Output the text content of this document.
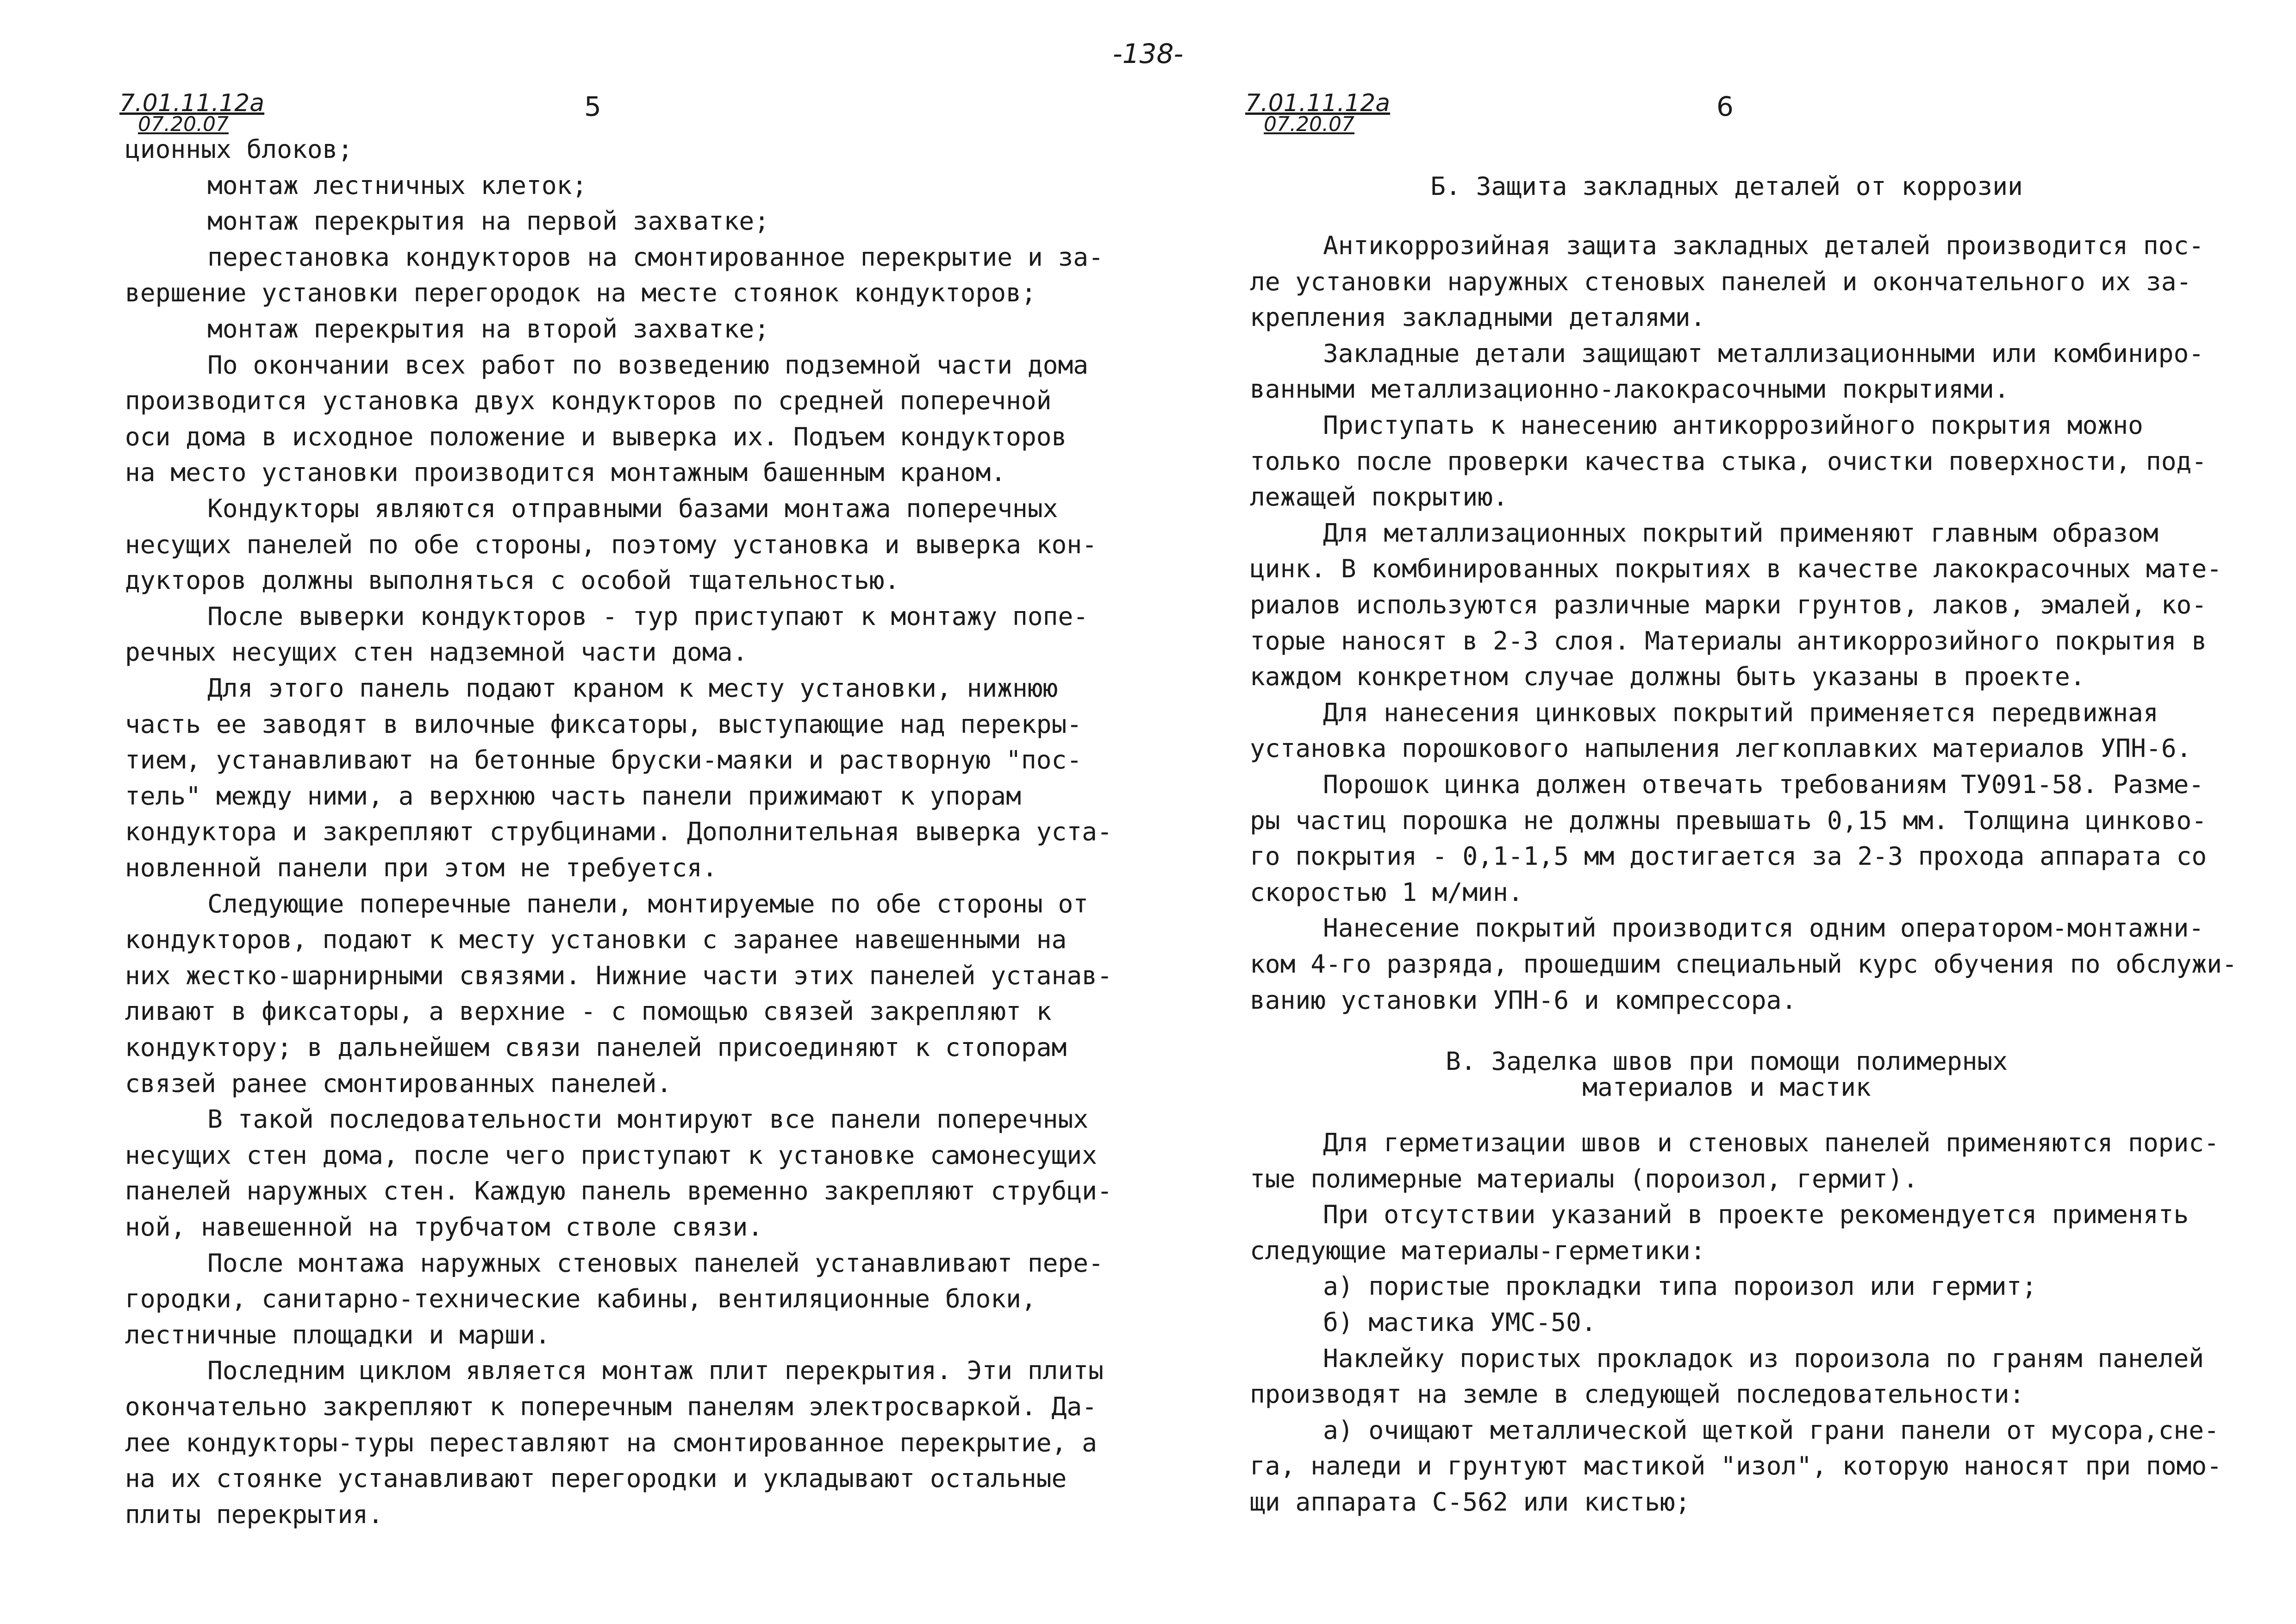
-138-
7.01.11.12а
07.20.07
5	7.01.11.12а
07.20.07
6
ционных блоков;
монтаж лестничных клеток;
монтаж перекрытия на первой захватке;
перестановка кондукторов на смонтированное перекрытие и за-
вершение установки перегородок на месте стоянок кондукторов;
монтаж перекрытия на второй захватке;
По окончании всех работ по возведению подземной части дома
производится установка двух кондукторов по средней поперечной
оси дома в исходное положение и выверка их. Подъем кондукторов
на место установки производится монтажным башенным краном.
Кондукторы являются отправными базами монтажа поперечных
несущих панелей по обе стороны, поэтому установка и выверка кон-
дукторов должны выполняться с особой тщательностью.
После выверки кондукторов - тур приступают к монтажу попе-
речных несущих стен надземной части дома.
Для этого панель подают краном к месту установки, нижнюю
часть ее заводят в вилочные фиксаторы, выступающие над перекры-
тием, устанавливают на бетонные бруски-маяки и растворную "пос-
тель" между ними, а верхнюю часть панели прижимают к упорам
кондуктора и закрепляют струбцинами. Дополнительная выверка уста-
новленной панели при этом не требуется.
Следующие поперечные панели, монтируемые по обе стороны от
кондукторов, подают к месту установки с заранее навешенными на
них жестко-шарнирными связями. Нижние части этих панелей устанав-
ливают в фиксаторы, а верхние - с помощью связей закрепляют к
кондуктору; в дальнейшем связи панелей присоединяют к стопорам
связей ранее смонтированных панелей.
В такой последовательности монтируют все панели поперечных
несущих стен дома, после чего приступают к установке самонесущих
панелей наружных стен. Каждую панель временно закрепляют струбци-
ной, навешенной на трубчатом стволе связи.
После монтажа наружных стеновых панелей устанавливают пере-
городки, санитарно-технические кабины, вентиляционные блоки,
лестничные площадки и марши.
Последним циклом является монтаж плит перекрытия. Эти плиты
окончательно закрепляют к поперечным панелям электросваркой. Да-
лее кондукторы-туры переставляют на смонтированное перекрытие, а
на их стоянке устанавливают перегородки и укладывают остальные
плиты перекрытия.
Б. Защита закладных деталей от коррозии
Антикоррозийная защита закладных деталей производится пос-
ле установки наружных стеновых панелей и окончательного их за-
крепления закладными деталями.
Закладные детали защищают металлизационными или комбиниро-
ванными металлизационно-лакокрасочными покрытиями.
Приступать к нанесению антикоррозийного покрытия можно
только после проверки качества стыка, очистки поверхности, под-
лежащей покрытию.
Для металлизационных покрытий применяют главным образом
цинк. В комбинированных покрытиях в качестве лакокрасочных мате-
риалов используются различные марки грунтов, лаков, эмалей, ко-
торые наносят в 2-3 слоя. Материалы антикоррозийного покрытия в
каждом конкретном случае должны быть указаны в проекте.
Для нанесения цинковых покрытий применяется передвижная
установка порошкового напыления легкоплавких материалов УПН-6.
Порошок цинка должен отвечать требованиям ТУ091-58. Разме-
ры частиц порошка не должны превышать 0,15 мм. Толщина цинково-
го покрытия - 0,1-1,5 мм достигается за 2-3 прохода аппарата со
скоростью 1 м/мин.
Нанесение покрытий производится одним оператором-монтажни-
ком 4-го разряда, прошедшим специальный курс обучения по обслужи-
ванию установки УПН-6 и компрессора.
В. Заделка швов при помощи полимерных
материалов и мастик
Для герметизации швов и стеновых панелей применяются порис-
тые полимерные материалы (пороизол, гермит).
При отсутствии указаний в проекте рекомендуется применять
следующие материалы-герметики:
а) пористые прокладки типа пороизол или гермит;
б) мастика УМС-50.
Наклейку пористых прокладок из пороизола по граням панелей
производят на земле в следующей последовательности:
а) очищают металлической щеткой грани панели от мусора,сне-
га, наледи и грунтуют мастикой "изол", которую наносят при помо-
щи аппарата С-562 или кистью;
